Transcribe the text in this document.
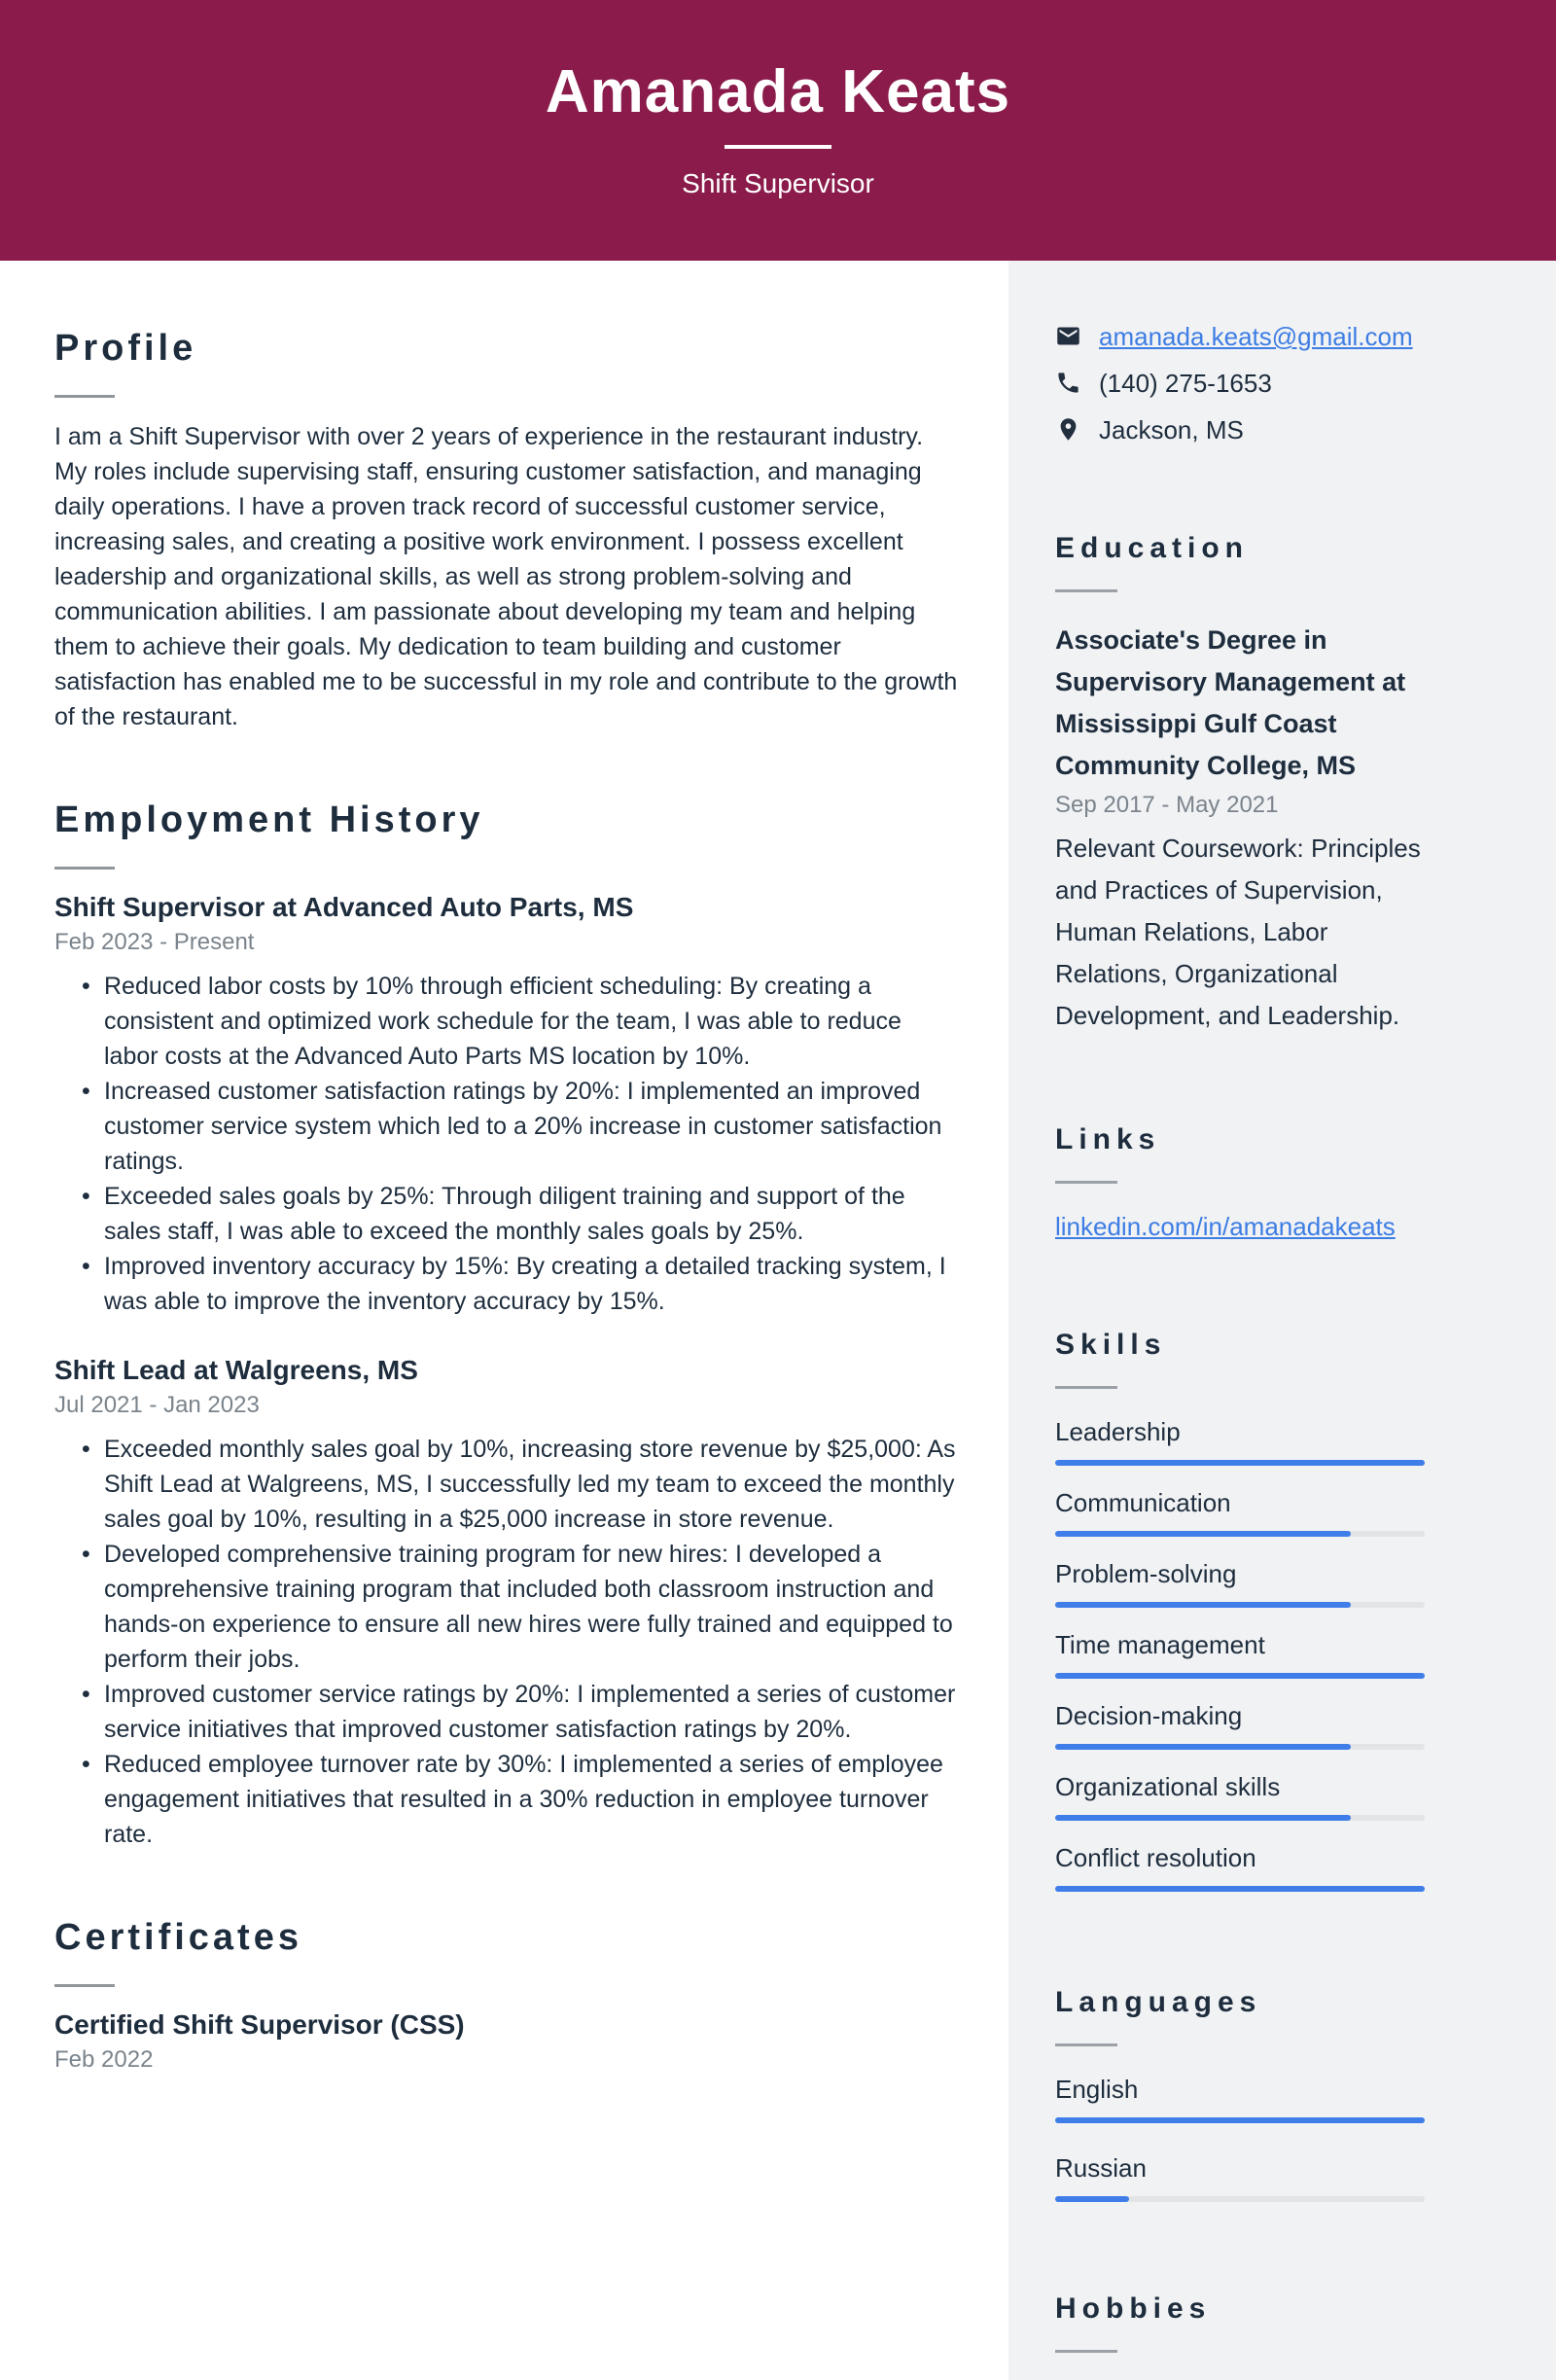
Amanada Keats
Shift Supervisor
Profile

I am a Shift Supervisor with over 2 years of experience in the restaurant industry. My roles include supervising staff, ensuring customer satisfaction, and managing daily operations. I have a proven track record of successful customer service, increasing sales, and creating a positive work environment. I possess excellent leadership and organizational skills, as well as strong problem-solving and communication abilities. I am passionate about developing my team and helping them to achieve their goals. My dedication to team building and customer satisfaction has enabled me to be successful in my role and contribute to the growth of the restaurant.

Employment History
Shift Supervisor at Advanced Auto Parts, MS
Feb 2023 - Present
• Reduced labor costs by 10% through efficient scheduling: By creating a consistent and optimized work schedule for the team, I was able to reduce labor costs at the Advanced Auto Parts MS location by 10%.
• Increased customer satisfaction ratings by 20%: I implemented an improved customer service system which led to a 20% increase in customer satisfaction ratings.
• Exceeded sales goals by 25%: Through diligent training and support of the sales staff, I was able to exceed the monthly sales goals by 25%.
• Improved inventory accuracy by 15%: By creating a detailed tracking system, I was able to improve the inventory accuracy by 15%.
Shift Lead at Walgreens, MS
Jul 2021 - Jan 2023
• Exceeded monthly sales goal by 10%, increasing store revenue by $25,000: As Shift Lead at Walgreens, MS, I successfully led my team to exceed the monthly sales goal by 10%, resulting in a $25,000 increase in store revenue.
• Developed comprehensive training program for new hires: I developed a comprehensive training program that included both classroom instruction and hands-on experience to ensure all new hires were fully trained and equipped to perform their jobs.
• Improved customer service ratings by 20%: I implemented a series of customer service initiatives that improved customer satisfaction ratings by 20%.
• Reduced employee turnover rate by 30%: I implemented a series of employee engagement initiatives that resulted in a 30% reduction in employee turnover rate.
Certificates
Certified Shift Supervisor (CSS)
Feb 2022
amanada.keats@gmail.com
(140) 275-1653
Jackson, MS
Education
Associate's Degree in Supervisory Management at Mississippi Gulf Coast Community College, MS
Sep 2017 - May 2021
Relevant Coursework: Principles and Practices of Supervision, Human Relations, Labor Relations, Organizational Development, and Leadership.
Links
linkedin.com/in/amanadakeats
Skills
Leadership
Communication
Problem-solving
Time management
Decision-making
Organizational skills
Conflict resolution
Languages
English
Russian
Hobbies
